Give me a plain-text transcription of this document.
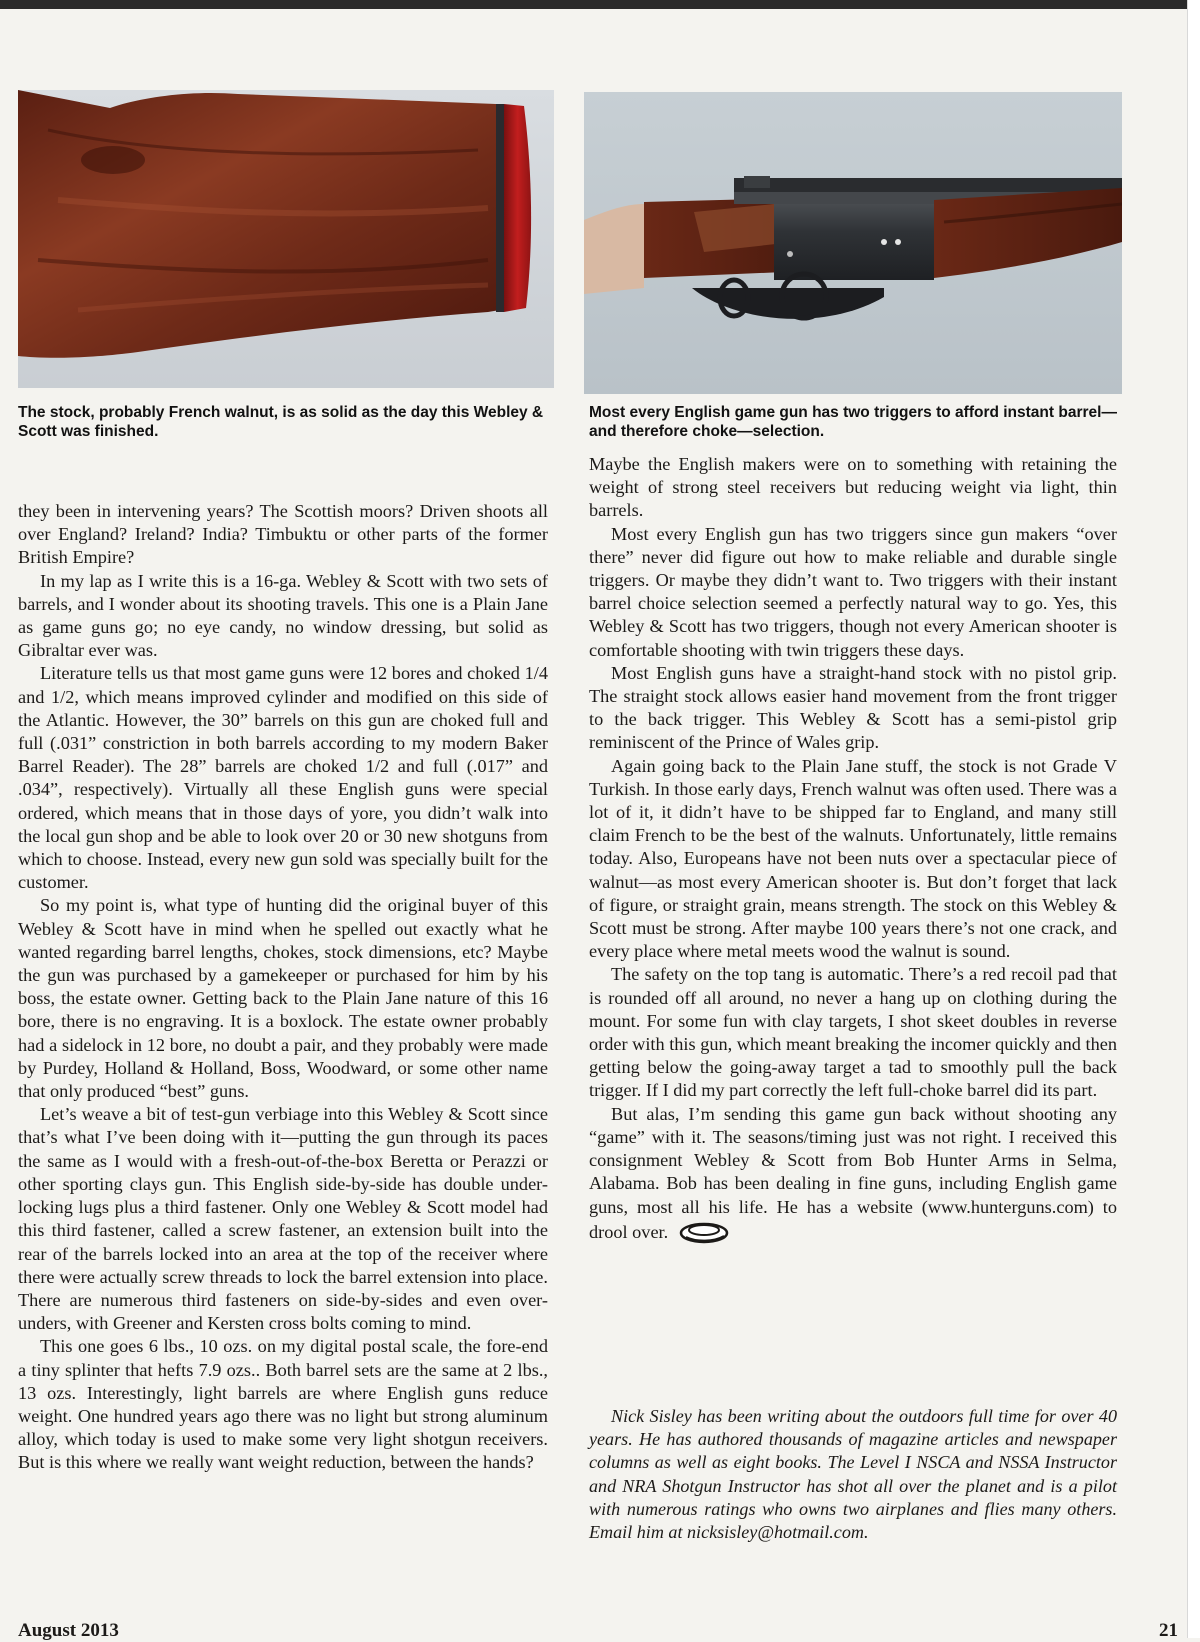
The stock, probably French walnut, is as solid as the day this Webley & Scott was finished.
Most every English game gun has two triggers to afford instant barrel—and therefore choke—selection.

they been in intervening years? The Scottish moors? Driven shoots all over England? Ireland? India? Timbuktu or other parts of the former British Empire?

In my lap as I write this is a 16-ga. Webley & Scott with two sets of barrels, and I wonder about its shooting travels. This one is a Plain Jane as game guns go; no eye candy, no window dressing, but solid as Gibraltar ever was.

Literature tells us that most game guns were 12 bores and choked 1/4 and 1/2, which means improved cylinder and modified on this side of the Atlantic. However, the 30” barrels on this gun are choked full and full (.031” constriction in both barrels according to my modern Baker Barrel Reader). The 28” barrels are choked 1/2 and full (.017” and .034”, respectively). Virtually all these English guns were special ordered, which means that in those days of yore, you didn’t walk into the local gun shop and be able to look over 20 or 30 new shotguns from which to choose. Instead, every new gun sold was specially built for the customer.

So my point is, what type of hunting did the original buyer of this Webley & Scott have in mind when he spelled out exactly what he wanted regarding barrel lengths, chokes, stock dimensions, etc? Maybe the gun was purchased by a gamekeeper or purchased for him by his boss, the estate owner. Getting back to the Plain Jane nature of this 16 bore, there is no engraving. It is a boxlock. The estate owner probably had a sidelock in 12 bore, no doubt a pair, and they probably were made by Purdey, Holland & Holland, Boss, Woodward, or some other name that only produced “best” guns.

Let’s weave a bit of test-gun verbiage into this Webley & Scott since that’s what I’ve been doing with it—putting the gun through its paces the same as I would with a fresh-out-of-the-box Beretta or Perazzi or other sporting clays gun. This English side-by-side has double under-locking lugs plus a third fastener. Only one Webley & Scott model had this third fastener, called a screw fastener, an extension built into the rear of the barrels locked into an area at the top of the receiver where there were actually screw threads to lock the barrel extension into place. There are numerous third fasteners on side-by-sides and even over-unders, with Greener and Kersten cross bolts coming to mind.

This one goes 6 lbs., 10 ozs. on my digital postal scale, the fore-end a tiny splinter that hefts 7.9 ozs.. Both barrel sets are the same at 2 lbs., 13 ozs. Interestingly, light barrels are where English guns reduce weight. One hundred years ago there was no light but strong aluminum alloy, which today is used to make some very light shotgun receivers. But is this where we really want weight reduction, between the hands?

Maybe the English makers were on to something with retaining the weight of strong steel receivers but reducing weight via light, thin barrels.

Most every English gun has two triggers since gun makers “over there” never did figure out how to make reliable and durable single triggers. Or maybe they didn’t want to. Two triggers with their instant barrel choice selection seemed a perfectly natural way to go. Yes, this Webley & Scott has two triggers, though not every American shooter is comfortable shooting with twin triggers these days.

Most English guns have a straight-hand stock with no pistol grip. The straight stock allows easier hand movement from the front trigger to the back trigger. This Webley & Scott has a semi-pistol grip reminiscent of the Prince of Wales grip.

Again going back to the Plain Jane stuff, the stock is not Grade V Turkish. In those early days, French walnut was often used. There was a lot of it, it didn’t have to be shipped far to England, and many still claim French to be the best of the walnuts. Unfortunately, little remains today. Also, Europeans have not been nuts over a spectacular piece of walnut—as most every American shooter is. But don’t forget that lack of figure, or straight grain, means strength. The stock on this Webley & Scott must be strong. After maybe 100 years there’s not one crack, and every place where metal meets wood the walnut is sound.

The safety on the top tang is automatic. There’s a red recoil pad that is rounded off all around, no never a hang up on clothing during the mount. For some fun with clay targets, I shot skeet doubles in reverse order with this gun, which meant breaking the incomer quickly and then getting below the going-away target a tad to smoothly pull the back trigger. If I did my part correctly the left full-choke barrel did its part.

But alas, I’m sending this game gun back without shooting any “game” with it. The seasons/timing just was not right. I received this consignment Webley & Scott from Bob Hunter Arms in Selma, Alabama. Bob has been dealing in fine guns, including English game guns, most all his life. He has a website (www.hunterguns.com) to drool over.

Nick Sisley has been writing about the outdoors full time for over 40 years. He has authored thousands of magazine articles and newspaper columns as well as eight books. The Level I NSCA and NSSA Instructor and NRA Shotgun Instructor has shot all over the planet and is a pilot with numerous ratings who owns two airplanes and flies many others. Email him at nicksisley@hotmail.com.
August 2013	21
